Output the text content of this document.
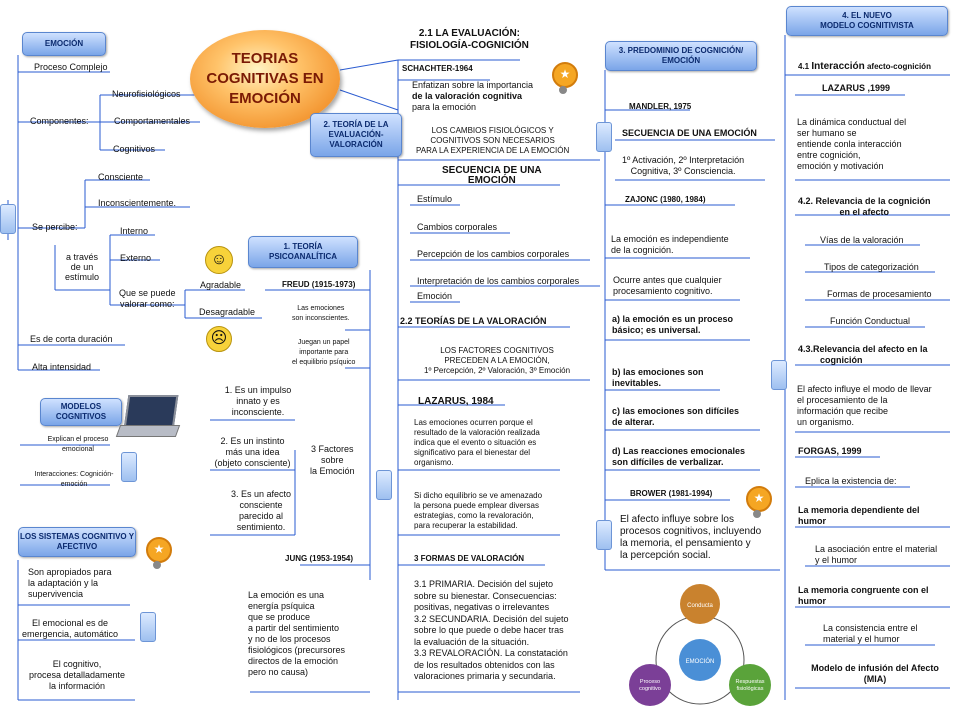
TEORIAS
COGNITIVAS EN
EMOCIÓN
EMOCIÓN
Proceso Complejo
Componentes:
Neurofisiológicos
Comportamentales
Cognitivos
Se percibe:
Consciente
Inconscientemente.
a través
de un
estímulo
Interno
Externo
Que se puede
valorar como:
Agradable
Desagradable
☺
☹
Es de corta duración
Alta intensidad
MODELOS COGNITIVOS
Explican el proceso emocional
Interacciones: Cognición- emoción
LOS SISTEMAS COGNITIVO Y AFECTIVO	★
Son apropiados para
la adaptación y la
supervivencia
El emocional es de
emergencia, automático
El cognitivo,
procesa detalladamente
la información
1. TEORÍA PSICOANALÍTICA
FREUD (1915-1973)
Las emociones
son inconscientes.
Juegan un papel
importante para
el equilibrio psíquico
1. Es un impulso
innato y es
inconsciente.
2. Es un instinto
más una idea
(objeto consciente)
3. Es un afecto
consciente
parecido al
sentimiento.
3 Factores
sobre
la Emoción
JUNG (1953-1954)
La emoción es una
energía psíquica
que se produce
a partir del sentimiento
y no de los procesos
fisiológicos (precursores
directos de la emoción
pero no causa)
2. TEORÍA DE LA EVALUACIÓN-VALORACIÓN
2.1 LA EVALUACIÓN:
FISIOLOGÍA-COGNICIÓN
SCHACHTER-1964
Enfatizan sobre la importancia
de la valoración cognitiva
para la emoción
★
LOS CAMBIOS FISIOLÓGICOS Y
COGNITIVOS SON NECESARIOS
PARA LA EXPERIENCIA DE LA EMOCIÓN
SECUENCIA DE UNA
EMOCIÓN
Estímulo
Cambios corporales
Percepción de los cambios corporales
Interpretación de los cambios corporales
Emoción
2.2 TEORÍAS DE LA VALORACIÓN
LOS FACTORES COGNITIVOS
PRECEDEN A LA EMOCIÓN,
1º Percepción, 2º Valoración, 3º Emoción
LAZARUS, 1984
Las emociones ocurren porque el
resultado de la valoración realizada
indica que el evento o situación es
significativo para el bienestar del
organismo.
Si dicho equilibrio se ve amenazado
la persona puede emplear diversas
estrategias, como la revaloración,
para recuperar la estabilidad.
3 FORMAS DE VALORACIÓN
3.1 PRIMARIA. Decisión del sujeto
sobre su bienestar. Consecuencias:
positivas, negativas o irrelevantes
3.2 SECUNDARIA. Decisión del sujeto
sobre lo que puede o debe hacer tras
la evaluación de la situación.
3.3 REVALORACIÓN. La constatación
de los resultados obtenidos con las
valoraciones primaria y secundaria.
3. PREDOMINIO DE COGNICIÓN/ EMOCIÓN
MANDLER, 1975
SECUENCIA DE UNA EMOCIÓN
1º Activación, 2º Interpretación
Cognitiva, 3º Consciencia.
ZAJONC (1980, 1984)
La emoción es independiente
de la cognición.
Ocurre antes que cualquier
procesamiento cognitivo.
a) la emoción es un proceso
básico; es universal.
b) las emociones son
inevitables.
c) las emociones son difíciles
de alterar.
d) Las reacciones emocionales
son difíciles de verbalizar.
BROWER (1981-1994)	★
El afecto influye sobre los
procesos cognitivos, incluyendo
la memoria, el pensamiento y
la percepción social.
Conducta
EMOCIÓN
Proceso
cognitivo
Respuestas
fisiológicas
4. EL NUEVO
MODELO COGNITIVISTA
4.1 Interacción afecto-cognición
LAZARUS ,1999
La dinámica conductual del
ser humano se
entiende conla interacción
entre cognición,
emoción y motivación
4.2. Relevancia de la cognición
en el afecto
Vías de la valoración
Tipos de categorización
Formas de procesamiento
Función Conductual
4.3.Relevancia del afecto en la
cognición
El afecto influye el modo de llevar
el procesamiento de la
información que recibe
un organismo.
FORGAS, 1999
Eplica la existencia de:
La memoria dependiente del
humor
La asociación entre el material
y el humor
La memoria congruente con el
humor
La consistencia entre el
material y el humor
Modelo de infusión del Afecto
(MIA)
